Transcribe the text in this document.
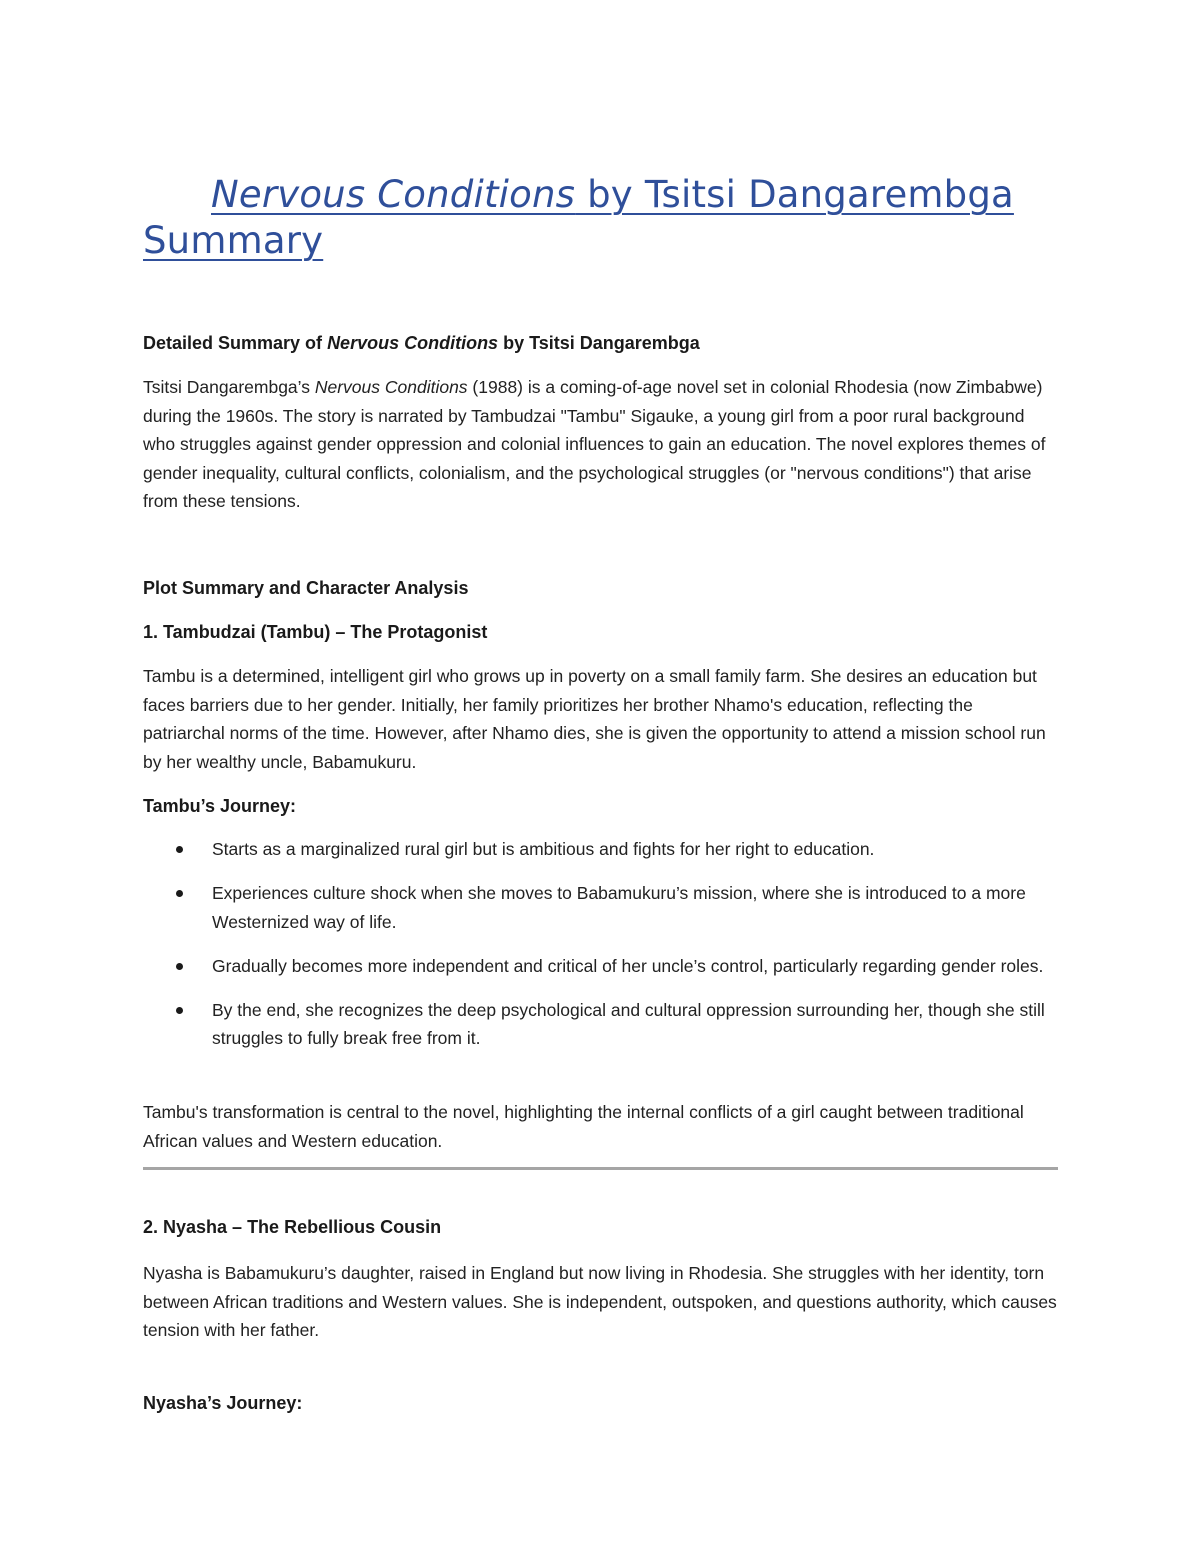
Nervous Conditions by Tsitsi Dangarembga Summary
Detailed Summary of Nervous Conditions by Tsitsi Dangarembga
Tsitsi Dangarembga’s Nervous Conditions (1988) is a coming-of-age novel set in colonial Rhodesia (now Zimbabwe) during the 1960s. The story is narrated by Tambudzai "Tambu" Sigauke, a young girl from a poor rural background who struggles against gender oppression and colonial influences to gain an education. The novel explores themes of gender inequality, cultural conflicts, colonialism, and the psychological struggles (or "nervous conditions") that arise from these tensions.
Plot Summary and Character Analysis
1. Tambudzai (Tambu) – The Protagonist
Tambu is a determined, intelligent girl who grows up in poverty on a small family farm. She desires an education but faces barriers due to her gender. Initially, her family prioritizes her brother Nhamo's education, reflecting the patriarchal norms of the time. However, after Nhamo dies, she is given the opportunity to attend a mission school run by her wealthy uncle, Babamukuru.
Tambu’s Journey:
Starts as a marginalized rural girl but is ambitious and fights for her right to education.
Experiences culture shock when she moves to Babamukuru’s mission, where she is introduced to a more Westernized way of life.
Gradually becomes more independent and critical of her uncle’s control, particularly regarding gender roles.
By the end, she recognizes the deep psychological and cultural oppression surrounding her, though she still struggles to fully break free from it.
Tambu's transformation is central to the novel, highlighting the internal conflicts of a girl caught between traditional African values and Western education.
2. Nyasha – The Rebellious Cousin
Nyasha is Babamukuru’s daughter, raised in England but now living in Rhodesia. She struggles with her identity, torn between African traditions and Western values. She is independent, outspoken, and questions authority, which causes tension with her father.
Nyasha’s Journey:
